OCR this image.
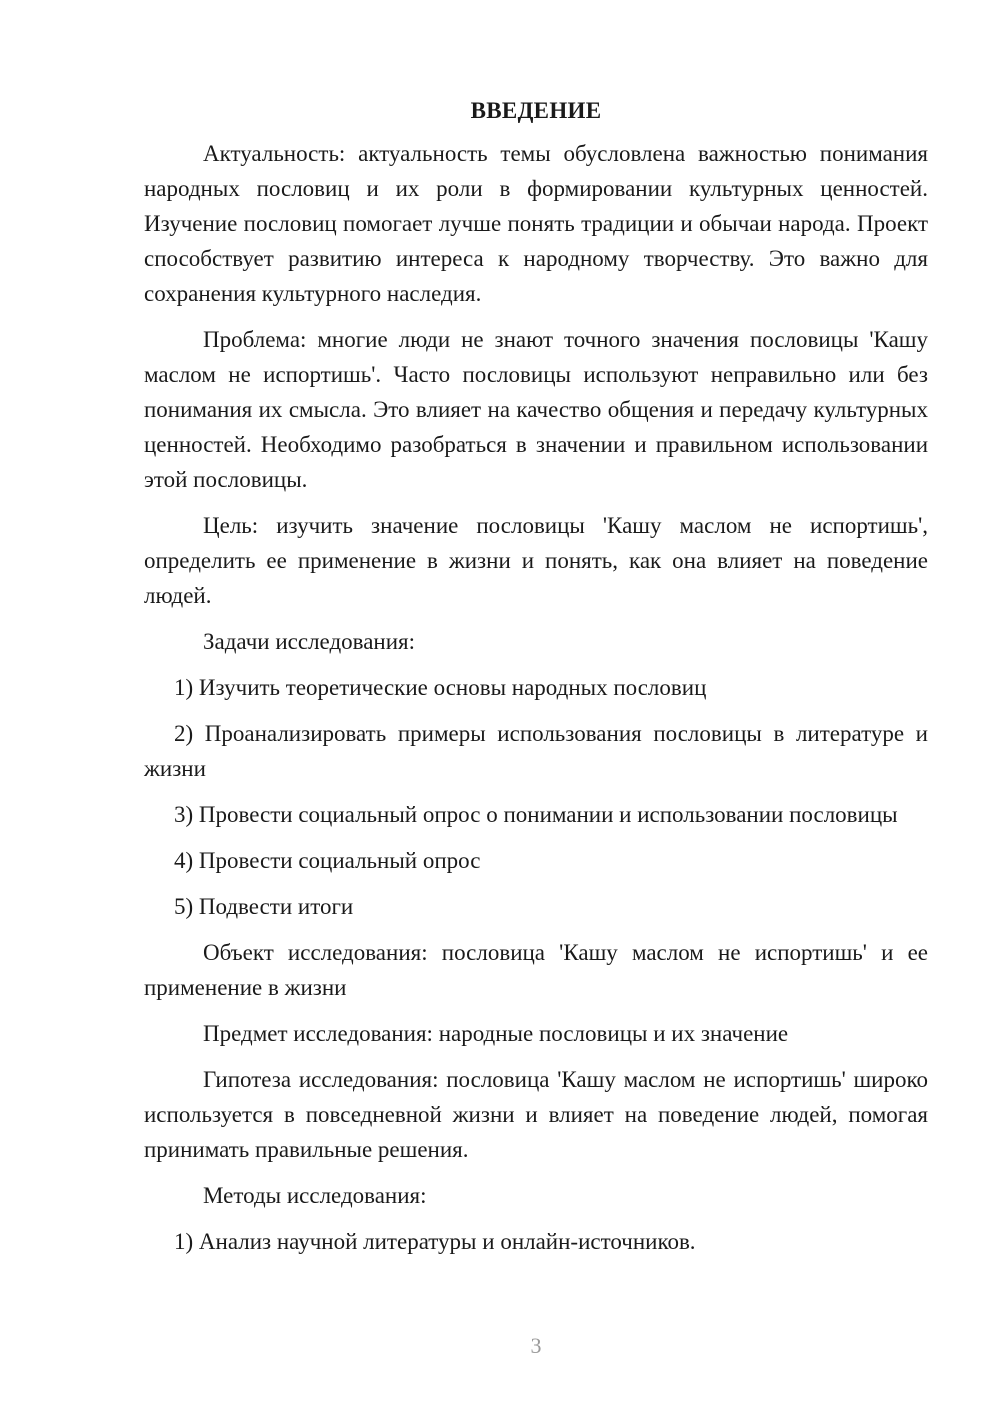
ВВЕДЕНИЕ

Актуальность: актуальность темы обусловлена важностью понимания народных пословиц и их роли в формировании культурных ценностей. Изучение пословиц помогает лучше понять традиции и обычаи народа. Проект способствует развитию интереса к народному творчеству. Это важно для сохранения культурного наследия.

Проблема: многие люди не знают точного значения пословицы 'Кашу маслом не испортишь'. Часто пословицы используют неправильно или без понимания их смысла. Это влияет на качество общения и передачу культурных ценностей. Необходимо разобраться в значении и правильном использовании этой пословицы.

Цель: изучить значение пословицы 'Кашу маслом не испортишь', определить ее применение в жизни и понять, как она влияет на поведение людей.

Задачи исследования:

1) Изучить теоретические основы народных пословиц

2) Проанализировать примеры использования пословицы в литературе и жизни

3) Провести социальный опрос о понимании и использовании пословицы

4) Провести социальный опрос

5) Подвести итоги

Объект исследования: пословица 'Кашу маслом не испортишь' и ее применение в жизни

Предмет исследования: народные пословицы и их значение

Гипотеза исследования: пословица 'Кашу маслом не испортишь' широко используется в повседневной жизни и влияет на поведение людей, помогая принимать правильные решения.

Методы исследования:

1) Анализ научной литературы и онлайн-источников.

3
